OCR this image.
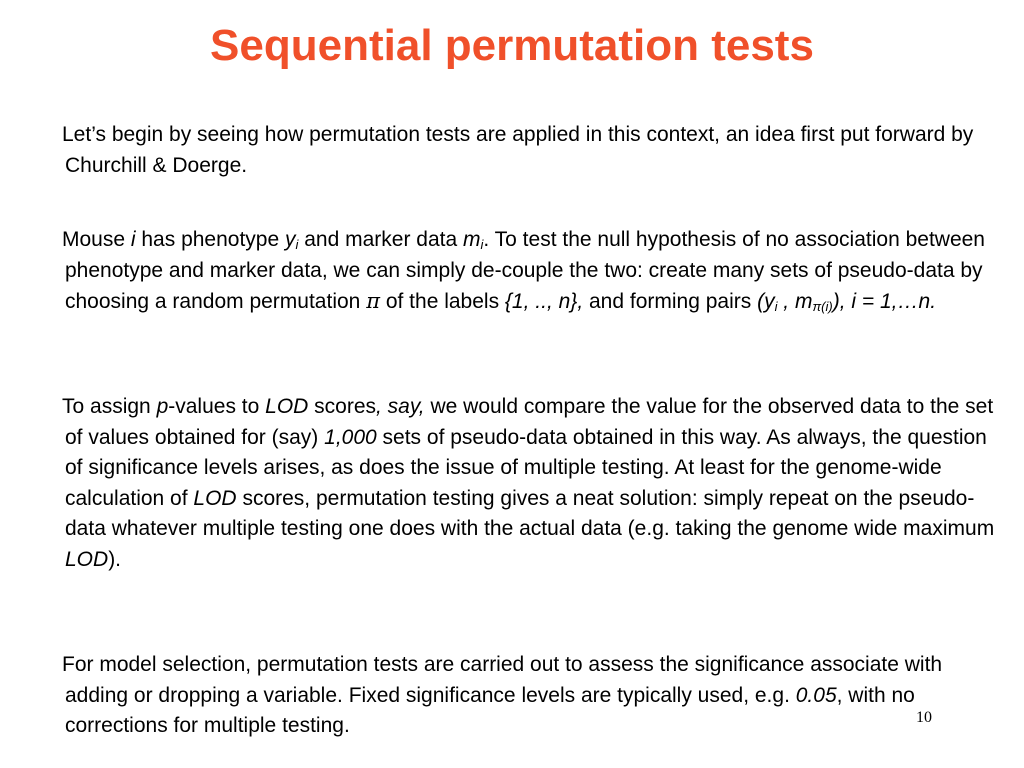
Sequential permutation tests

Let’s begin by seeing how permutation tests are applied in this context, an idea first put forward by Churchill & Doerge.

Mouse i has phenotype $y_i$ and marker data $m_i$. To test the null hypothesis of no association between phenotype and marker data, we can simply de-couple the two: create many sets of pseudo-data by choosing a random permutation π of the labels {1, .., n}, and forming pairs ($y_i$ , $m_{\pi(i)}$), i = 1,…n.

To assign p-values to LOD scores, say, we would compare the value for the observed data to the set of values obtained for (say) 1,000 sets of pseudo-data obtained in this way. As always, the question of significance levels arises, as does the issue of multiple testing. At least for the genome-wide calculation of LOD scores, permutation testing gives a neat solution: simply repeat on the pseudo-data whatever multiple testing one does with the actual data (e.g. taking the genome wide maximum LOD).

For model selection, permutation tests are carried out to assess the significance associate with adding or dropping a variable. Fixed significance levels are typically used, e.g. 0.05, with no corrections for multiple testing.	10
